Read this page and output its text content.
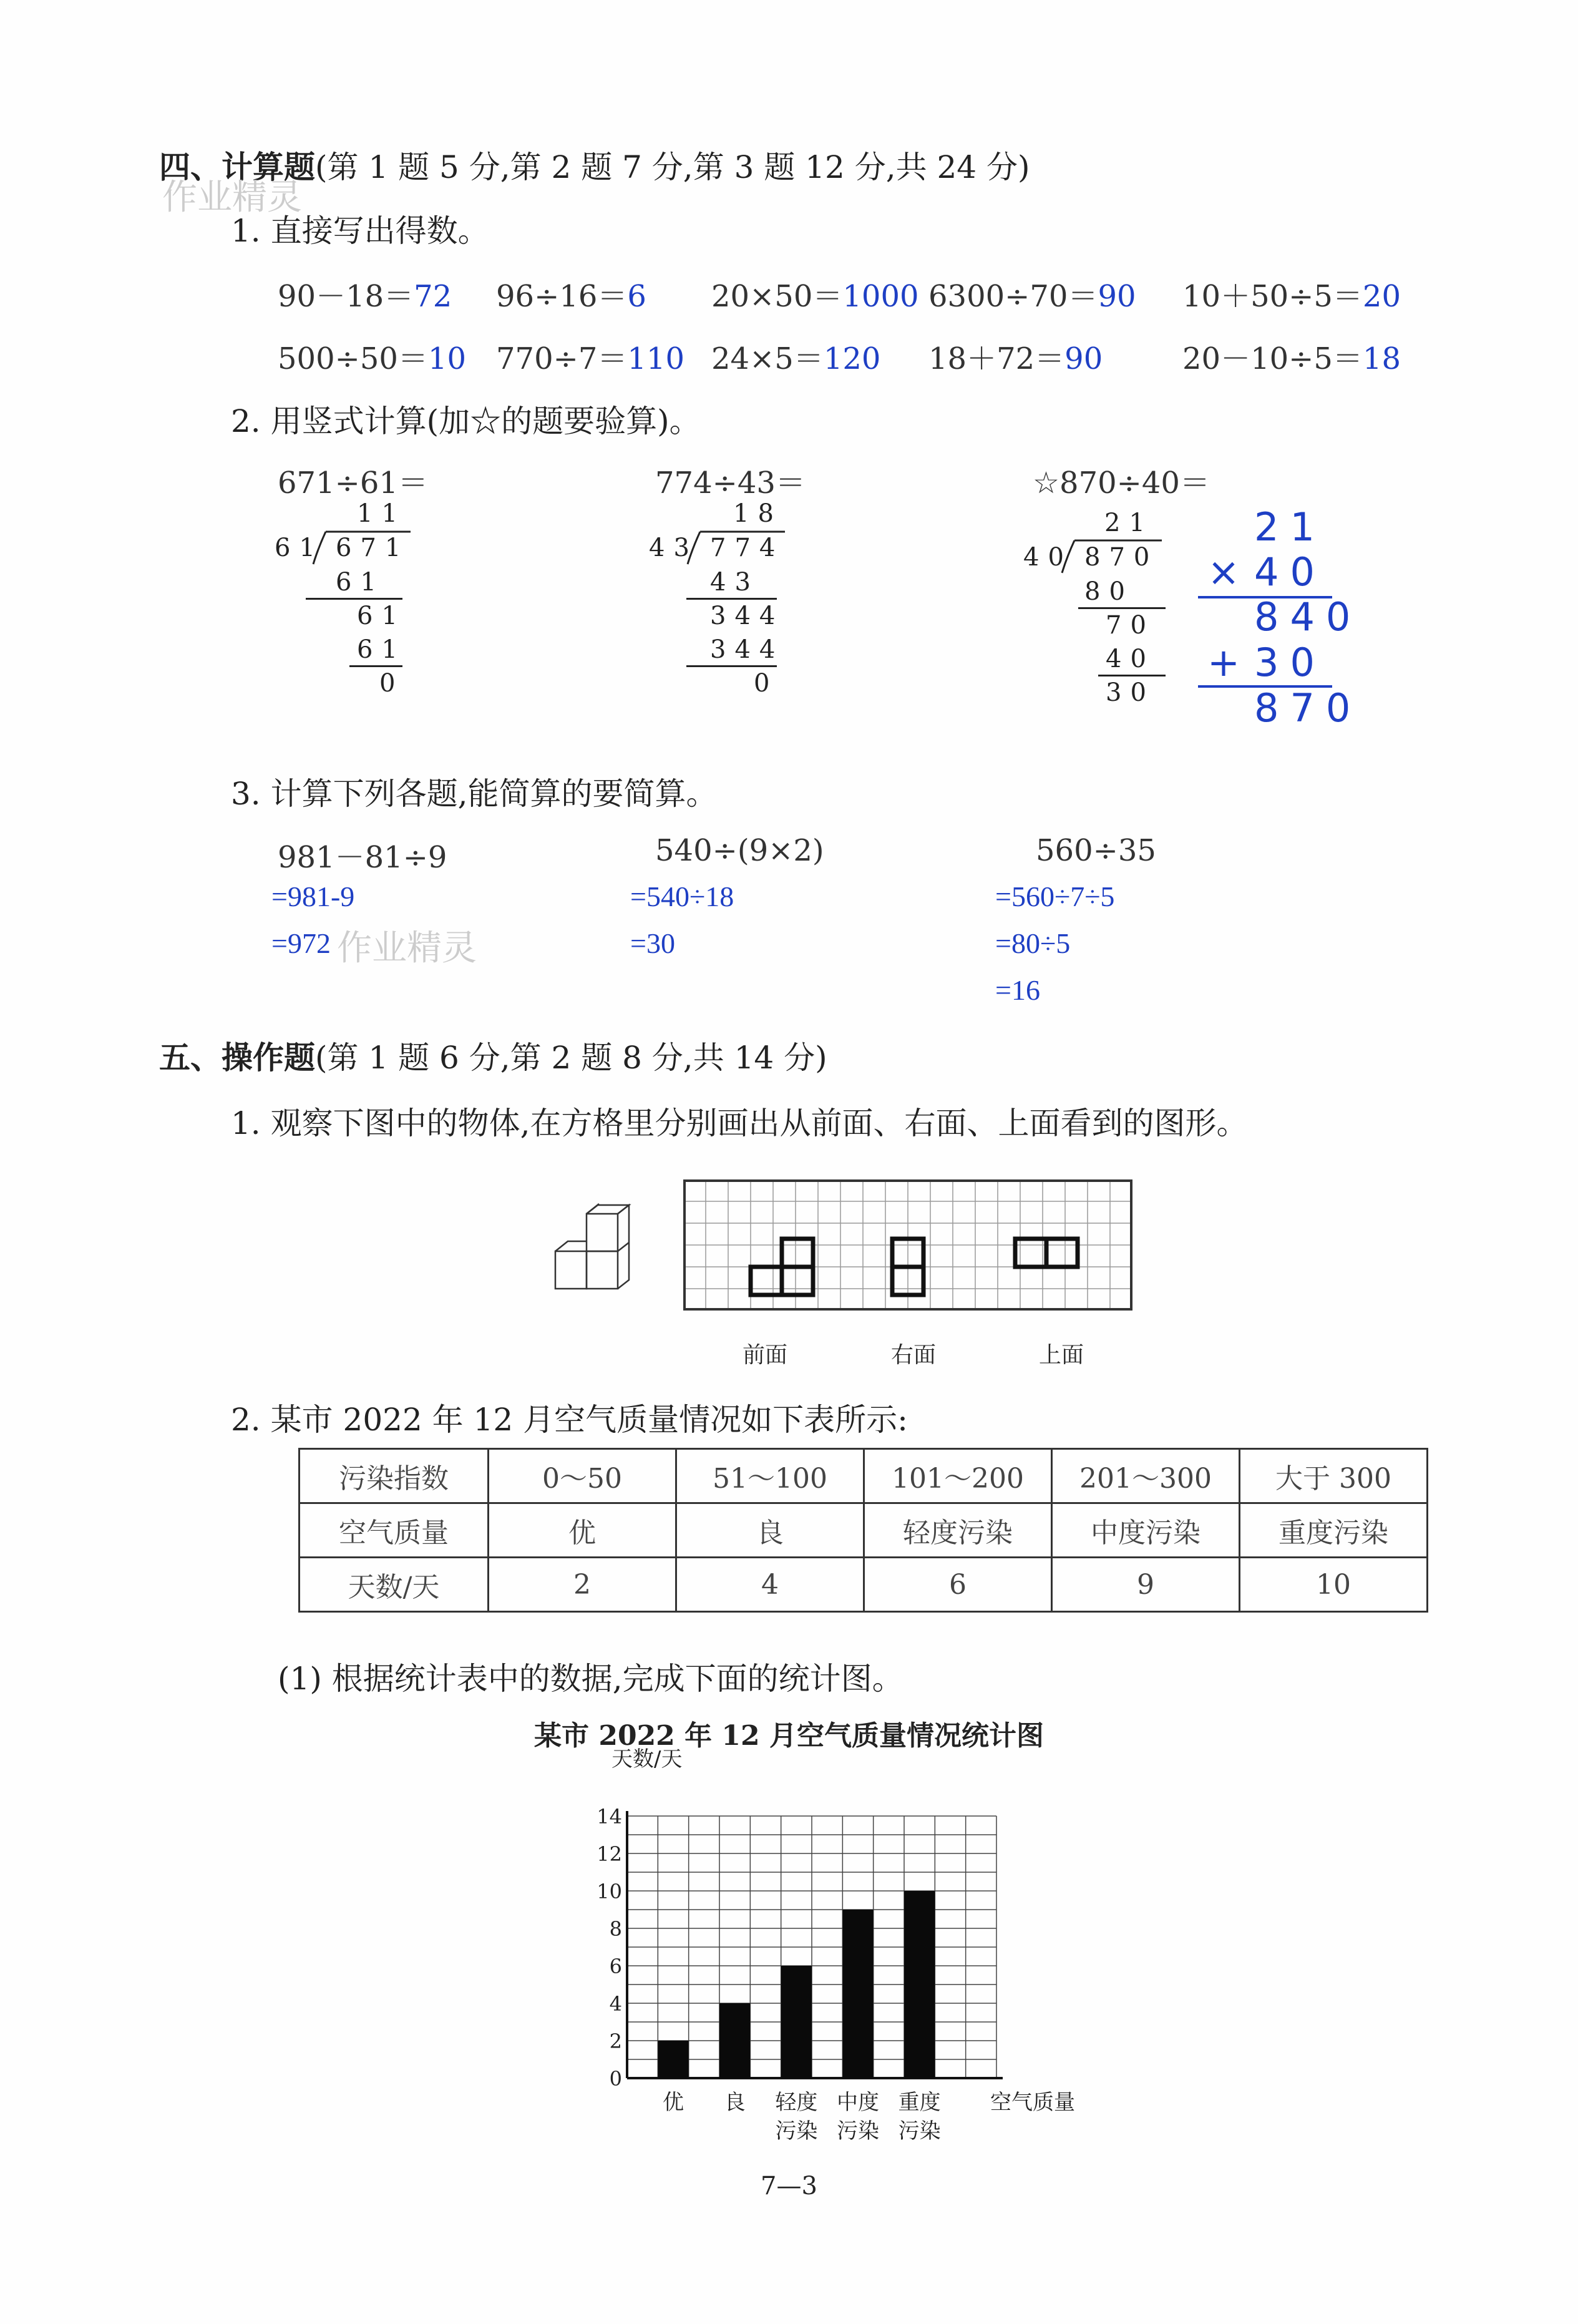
四、计算题(第 1 题 5 分,第 2 题 7 分,第 3 题 12 分,共 24 分)
作业精灵
1. 直接写出得数。
90－18＝72 96÷16＝6 20×50＝1000 6300÷70＝90 10＋50÷5＝20
500÷50＝10 770÷7＝110 24×5＝120 18＋72＝90	20－10÷5＝18
2. 用竖式计算(加☆的题要验算)。
671÷61＝	774÷43＝	☆870÷40＝
11
61 671
61
61
61
0
18
43 774
43
344
344
0
21
40 870
80
70
40
30
21
× 40
840
+ 30
870
3. 计算下列各题,能简算的要简算。
981－81÷9	540÷(9×2)	560÷35
=981-9
=972 作业精灵
=540÷18
=30
=560÷7÷5
=80÷5
=16
五、操作题(第 1 题 6 分,第 2 题 8 分,共 14 分)
1. 观察下图中的物体,在方格里分别画出从前面、右面、上面看到的图形。
前面	右面	上面
2. 某市 2022 年 12 月空气质量情况如下表所示:
污染指数	0～50	51～100	101～200	201～300	大于 300
空气质量	优	良	轻度污染	中度污染	重度污染
天数/天	2	4	6	9	10
(1) 根据统计表中的数据,完成下面的统计图。
某市 2022 年 12 月空气质量情况统计图
0
2
4
6
8
10
12
14
天数/天
优 良 轻度
污染
中度
污染
重度
污染
空气质量
7—3
